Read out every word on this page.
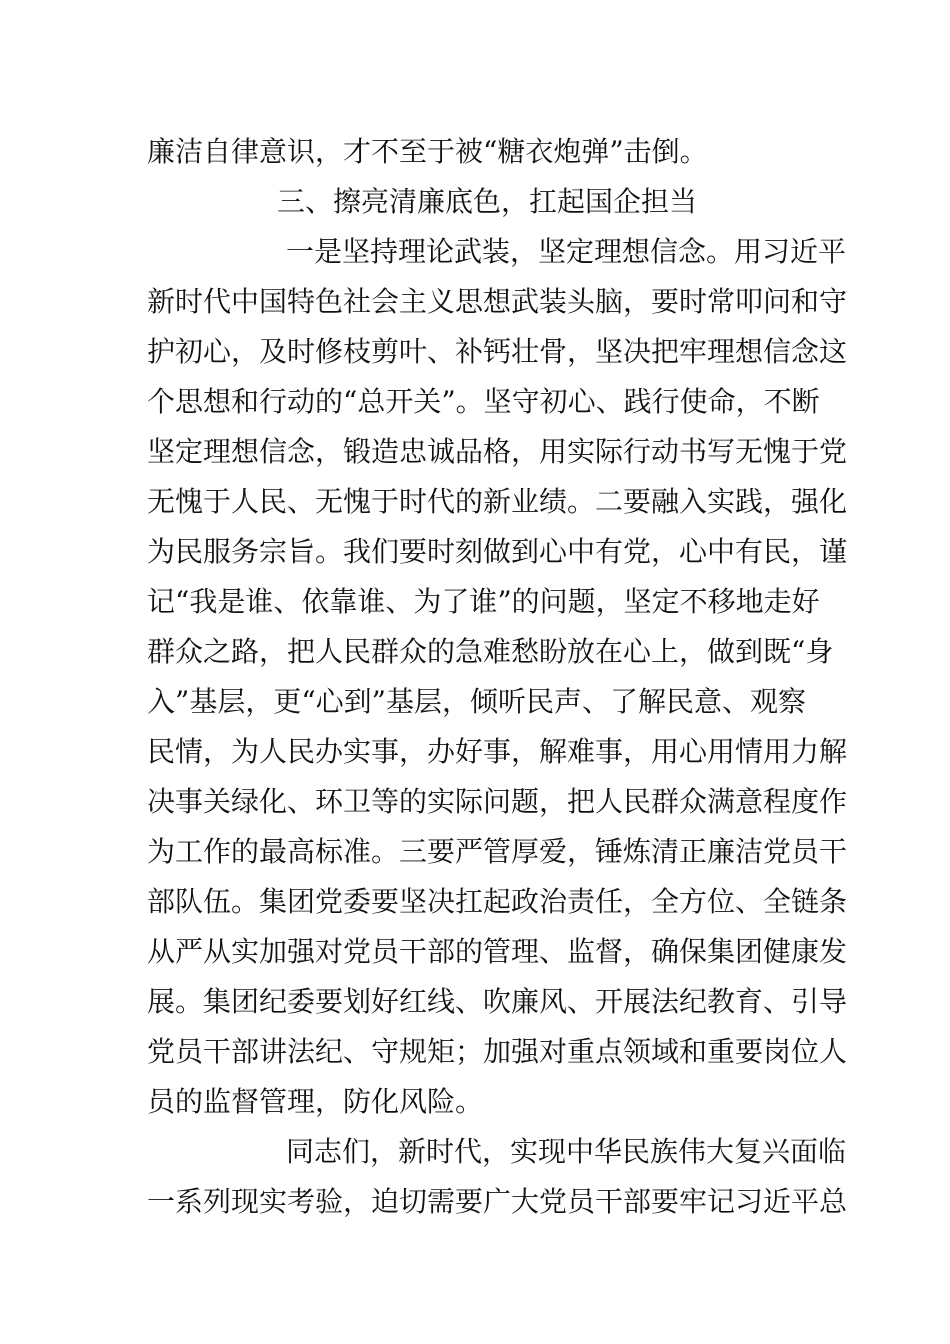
廉洁自律意识，才不至于被“糖衣炮弹”击倒。
三、擦亮清廉底色，扛起国企担当
一是坚持理论武装，坚定理想信念。用习近平
新时代中国特色社会主义思想武装头脑，要时常叩问和守
护初心，及时修枝剪叶、补钙壮骨，坚决把牢理想信念这
个思想和行动的“总开关”。坚守初心、践行使命，不断
坚定理想信念，锻造忠诚品格，用实际行动书写无愧于党
无愧于人民、无愧于时代的新业绩。二要融入实践，强化
为民服务宗旨。我们要时刻做到心中有党，心中有民，谨
记“我是谁、依靠谁、为了谁”的问题，坚定不移地走好
群众之路，把人民群众的急难愁盼放在心上，做到既“身
入”基层，更“心到”基层，倾听民声、了解民意、观察
民情，为人民办实事，办好事，解难事，用心用情用力解
决事关绿化、环卫等的实际问题，把人民群众满意程度作
为工作的最高标准。三要严管厚爱，锤炼清正廉洁党员干
部队伍。集团党委要坚决扛起政治责任，全方位、全链条
从严从实加强对党员干部的管理、监督，确保集团健康发
展。集团纪委要划好红线、吹廉风、开展法纪教育、引导
党员干部讲法纪、守规矩；加强对重点领域和重要岗位人
员的监督管理，防化风险。
同志们，新时代，实现中华民族伟大复兴面临
一系列现实考验，迫切需要广大党员干部要牢记习近平总
